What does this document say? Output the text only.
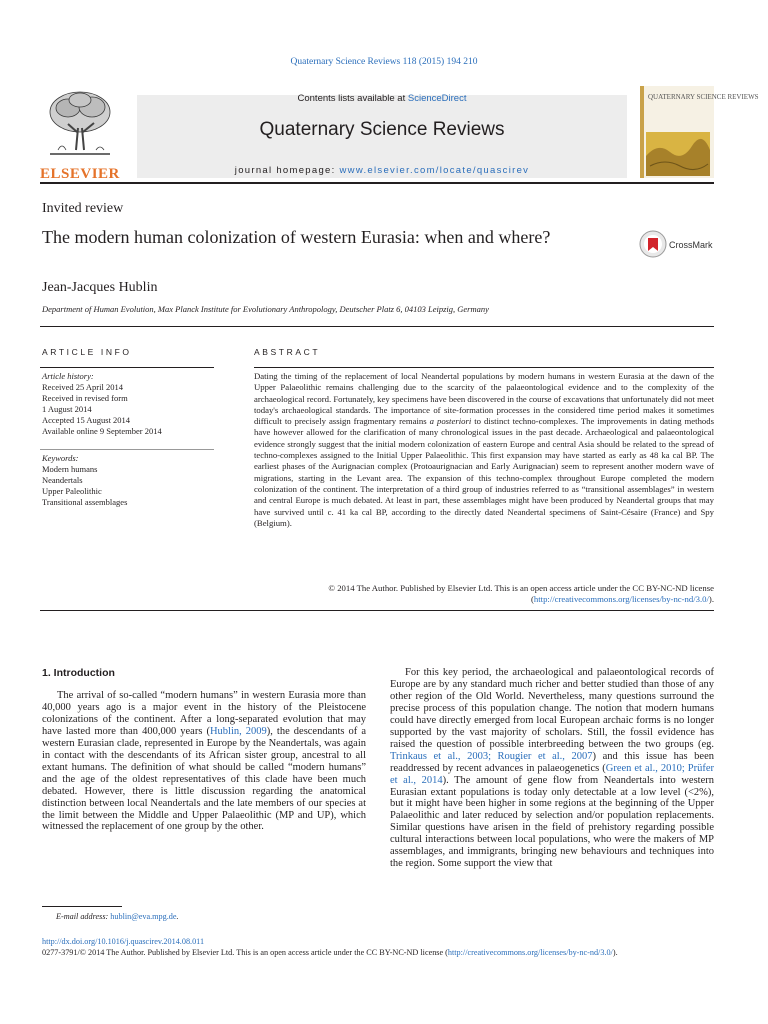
Quaternary Science Reviews 118 (2015) 194 210
ELSEVIER
Contents lists available at ScienceDirect
Quaternary Science Reviews
journal homepage: www.elsevier.com/locate/quascirev
QUATERNARY SCIENCE REVIEWS
Invited review
The modern human colonization of western Eurasia: when and where?	CrossMark
Jean-Jacques Hublin
Department of Human Evolution, Max Planck Institute for Evolutionary Anthropology, Deutscher Platz 6, 04103 Leipzig, Germany
ARTICLE INFO
Article history:
Received 25 April 2014
Received in revised form
1 August 2014
Accepted 15 August 2014
Available online 9 September 2014
Keywords:
Modern humans
Neandertals
Upper Paleolithic
Transitional assemblages
ABSTRACT
Dating the timing of the replacement of local Neandertal populations by modern humans in western Eurasia at the dawn of the Upper Palaeolithic remains challenging due to the scarcity of the palaeontological evidence and to the complexity of the archaeological record. Fortunately, key specimens have been discovered in the course of excavations that unfortunately did not meet today's archaeological standards. The importance of site-formation processes in the considered time period makes it sometimes difficult to precisely assign fragmentary remains a posteriori to distinct techno-complexes. The improvements in dating methods have however allowed for the clarification of many chronological issues in the past decade. Archaeological and palaeontological evidence strongly suggest that the initial modern colonization of eastern Europe and central Asia should be related to the spread of techno-complexes assigned to the Initial Upper Palaeolithic. This first expansion may have started as early as 48 ka cal BP. The earliest phases of the Aurignacian complex (Protoaurignacian and Early Aurignacian) seem to represent another modern wave of migrations, starting in the Levant area. The expansion of this techno-complex throughout Europe completed the modern colonization of the continent. The interpretation of a third group of industries referred to as “transitional assemblages” in western and central Europe is much debated. At least in part, these assemblages might have been produced by Neandertal groups that may have survived until c. 41 ka cal BP, according to the directly dated Neandertal specimens of Saint-Césaire (France) and Spy (Belgium).
© 2014 The Author. Published by Elsevier Ltd. This is an open access article under the CC BY-NC-ND license (http://creativecommons.org/licenses/by-nc-nd/3.0/).
1. Introduction
The arrival of so-called “modern humans” in western Eurasia more than 40,000 years ago is a major event in the history of the Pleistocene colonizations of the continent. After a long-separated evolution that may have lasted more than 400,000 years (Hublin, 2009), the descendants of a western Eurasian clade, represented in Europe by the Neandertals, was again in contact with the descendants of its African sister group, ancestral to all extant humans. The definition of what should be called “modern humans” and the age of the oldest representatives of this clade have been much debated. However, there is little discussion regarding the anatomical distinction between local Neandertals and the late members of our species at the limit between the Middle and Upper Palaeolithic (MP and UP), which witnessed the replacement of one group by the other.
For this key period, the archaeological and palaeontological records of Europe are by any standard much richer and better studied than those of any other region of the Old World. Nevertheless, many questions surround the precise process of this population change. The notion that modern humans could have directly emerged from local European archaic forms is no longer supported by the vast majority of scholars. Still, the fossil evidence has raised the question of possible interbreeding between the two groups (eg. Trinkaus et al., 2003; Rougier et al., 2007) and this issue has been readdressed by recent advances in palaeogenetics (Green et al., 2010; Prüfer et al., 2014). The amount of gene flow from Neandertals into western Eurasian extant populations is today only detectable at a low level (<2%), but it might have been higher in some regions at the beginning of the Upper Palaeolithic and later reduced by selection and/or population replacements. Similar questions have arisen in the field of prehistory regarding possible cultural interactions between local populations, who were the makers of MP assemblages, and immigrants, bringing new behaviours and techniques into the region. Some support the view that
E-mail address: hublin@eva.mpg.de.
http://dx.doi.org/10.1016/j.quascirev.2014.08.011
0277-3791/© 2014 The Author. Published by Elsevier Ltd. This is an open access article under the CC BY-NC-ND license (http://creativecommons.org/licenses/by-nc-nd/3.0/).
